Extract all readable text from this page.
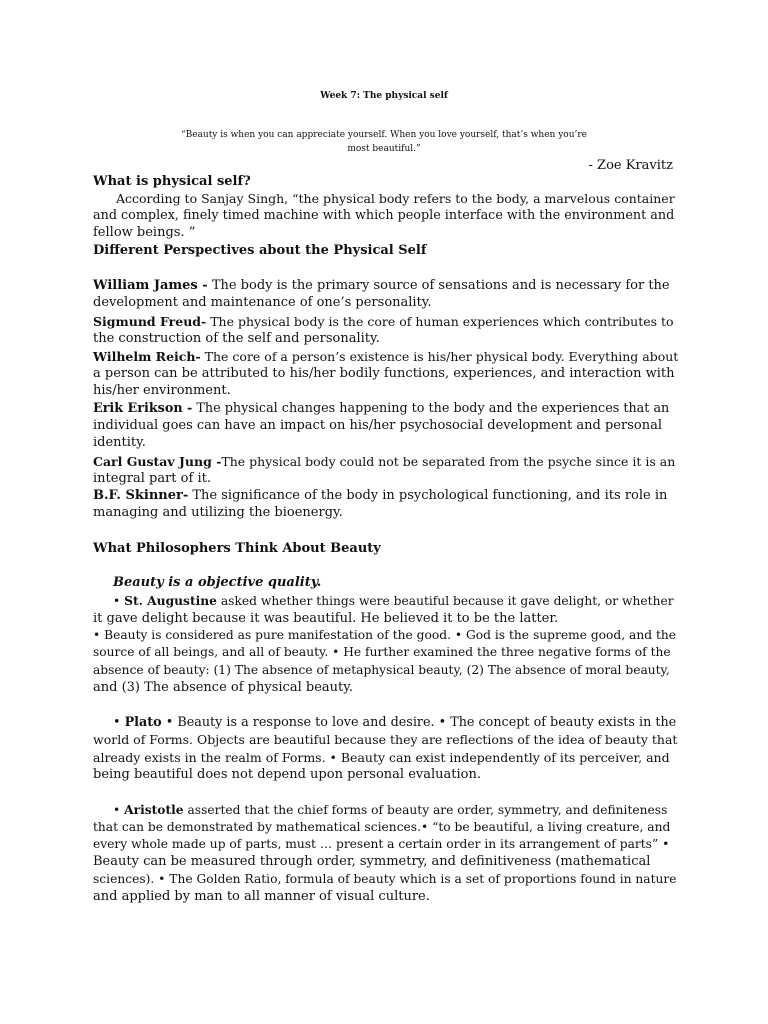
Week 7: The physical self
“Beauty is when you can appreciate yourself. When you love yourself, that’s when you’re
most beautiful.”
- Zoe Kravitz
What is physical self?
According to Sanjay Singh, “the physical body refers to the body, a marvelous container
and complex, finely timed machine with which people interface with the environment and
fellow beings. ”
Different Perspectives about the Physical Self
William James - The body is the primary source of sensations and is necessary for the
development and maintenance of one’s personality.
Sigmund Freud- The physical body is the core of human experiences which contributes to
the construction of the self and personality.
Wilhelm Reich- The core of a person’s existence is his/her physical body. Everything about
a person can be attributed to his/her bodily functions, experiences, and interaction with
his/her environment.
Erik Erikson - The physical changes happening to the body and the experiences that an
individual goes can have an impact on his/her psychosocial development and personal
identity.
Carl Gustav Jung -The physical body could not be separated from the psyche since it is an
integral part of it.
B.F. Skinner- The significance of the body in psychological functioning, and its role in
managing and utilizing the bioenergy.
What Philosophers Think About Beauty
Beauty is a objective quality.
• St. Augustine asked whether things were beautiful because it gave delight, or whether
it gave delight because it was beautiful. He believed it to be the latter.
• Beauty is considered as pure manifestation of the good. • God is the supreme good, and the
source of all beings, and all of beauty. • He further examined the three negative forms of the
absence of beauty: (1) The absence of metaphysical beauty, (2) The absence of moral beauty,
and (3) The absence of physical beauty.
• Plato • Beauty is a response to love and desire. • The concept of beauty exists in the
world of Forms. Objects are beautiful because they are reflections of the idea of beauty that
already exists in the realm of Forms. • Beauty can exist independently of its perceiver, and
being beautiful does not depend upon personal evaluation.
• Aristotle asserted that the chief forms of beauty are order, symmetry, and definiteness
that can be demonstrated by mathematical sciences.• “to be beautiful, a living creature, and
every whole made up of parts, must … present a certain order in its arrangement of parts” •
Beauty can be measured through order, symmetry, and definitiveness (mathematical
sciences). • The Golden Ratio, formula of beauty which is a set of proportions found in nature
and applied by man to all manner of visual culture.
